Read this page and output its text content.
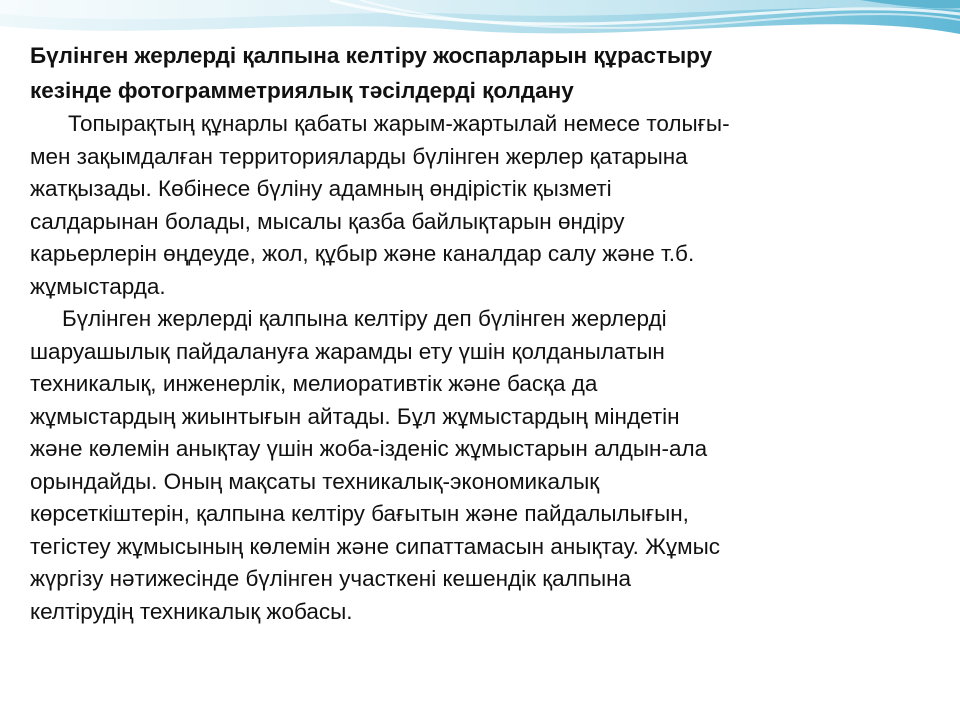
Бүлінген жерлерді қалпына келтіру жоспарларын құрастыру
кезінде фотограмметриялық тәсілдерді қолдану
Топырақтың құнарлы қабаты жарым-жартылай немесе толығы-
мен зақымдалған территорияларды бүлінген жерлер қатарына
жатқызады. Көбінесе бүліну адамның өндірістік қызметі
салдарынан болады, мысалы қазба байлықтарын өндіру
карьерлерін өңдеуде, жол, құбыр және каналдар салу және т.б.
жұмыстарда.
Бүлінген жерлерді қалпына келтіру деп бүлінген жерлерді
шаруашылық пайдалануға жарамды ету үшін қолданылатын
техникалық, инженерлік, мелиоративтік және басқа да
жұмыстардың жиынтығын айтады. Бұл жұмыстардың міндетін
және көлемін анықтау үшін жоба-ізденіс жұмыстарын алдын-ала
орындайды. Оның мақсаты техникалық-экономикалық
көрсеткіштерін, қалпына келтіру бағытын және пайдалылығын,
тегістеу жұмысының көлемін және сипаттамасын анықтау. Жұмыс
жүргізу нәтижесінде бүлінген участкені кешендік қалпына
келтірудің техникалық жобасы.
